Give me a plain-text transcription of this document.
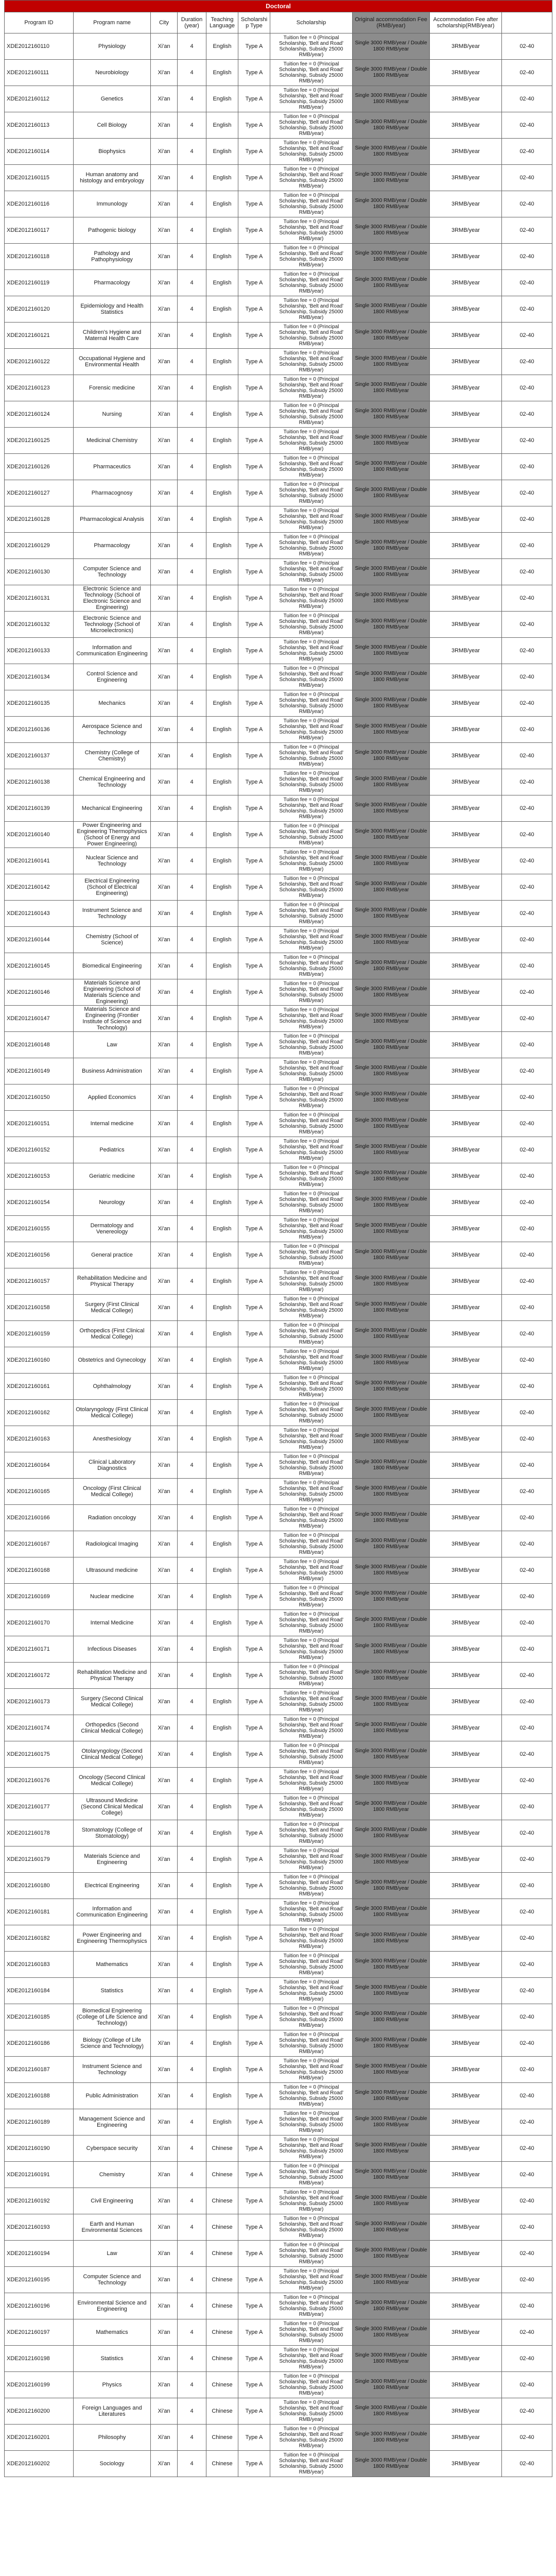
Doctoral									
Program ID	Program name	City	Duration (year)	Teaching Language	Scholarshi p Type	Scholarship	Original accommodation Fee (RMB/year)	Accommodation Fee after scholarship(RMB/year)	
XDE2012160110	Physiology	Xi'an	4	English	Type A	Tuition fee = 0 (Principal Scholarship, 'Belt and Road' Scholarship, Subsidy 25000 RMB/year)	Single 3000 RMB/year / Double 1800 RMB/year	3RMB/year	02-40
XDE2012160111	Neurobiology	Xi'an	4	English	Type A	Tuition fee = 0 (Principal Scholarship, 'Belt and Road' Scholarship, Subsidy 25000 RMB/year)	Single 3000 RMB/year / Double 1800 RMB/year	3RMB/year	02-40
XDE2012160112	Genetics	Xi'an	4	English	Type A	Tuition fee = 0 (Principal Scholarship, 'Belt and Road' Scholarship, Subsidy 25000 RMB/year)	Single 3000 RMB/year / Double 1800 RMB/year	3RMB/year	02-40
XDE2012160113	Cell Biology	Xi'an	4	English	Type A	Tuition fee = 0 (Principal Scholarship, 'Belt and Road' Scholarship, Subsidy 25000 RMB/year)	Single 3000 RMB/year / Double 1800 RMB/year	3RMB/year	02-40
XDE2012160114	Biophysics	Xi'an	4	English	Type A	Tuition fee = 0 (Principal Scholarship, 'Belt and Road' Scholarship, Subsidy 25000 RMB/year)	Single 3000 RMB/year / Double 1800 RMB/year	3RMB/year	02-40
XDE2012160115	Human anatomy and histology and embryology	Xi'an	4	English	Type A	Tuition fee = 0 (Principal Scholarship, 'Belt and Road' Scholarship, Subsidy 25000 RMB/year)	Single 3000 RMB/year / Double 1800 RMB/year	3RMB/year	02-40
XDE2012160116	Immunology	Xi'an	4	English	Type A	Tuition fee = 0 (Principal Scholarship, 'Belt and Road' Scholarship, Subsidy 25000 RMB/year)	Single 3000 RMB/year / Double 1800 RMB/year	3RMB/year	02-40
XDE2012160117	Pathogenic biology	Xi'an	4	English	Type A	Tuition fee = 0 (Principal Scholarship, 'Belt and Road' Scholarship, Subsidy 25000 RMB/year)	Single 3000 RMB/year / Double 1800 RMB/year	3RMB/year	02-40
XDE2012160118	Pathology and Pathophysiology	Xi'an	4	English	Type A	Tuition fee = 0 (Principal Scholarship, 'Belt and Road' Scholarship, Subsidy 25000 RMB/year)	Single 3000 RMB/year / Double 1800 RMB/year	3RMB/year	02-40
XDE2012160119	Pharmacology	Xi'an	4	English	Type A	Tuition fee = 0 (Principal Scholarship, 'Belt and Road' Scholarship, Subsidy 25000 RMB/year)	Single 3000 RMB/year / Double 1800 RMB/year	3RMB/year	02-40
XDE2012160120	Epidemiology and Health Statistics	Xi'an	4	English	Type A	Tuition fee = 0 (Principal Scholarship, 'Belt and Road' Scholarship, Subsidy 25000 RMB/year)	Single 3000 RMB/year / Double 1800 RMB/year	3RMB/year	02-40
XDE2012160121	Children's Hygiene and Maternal Health Care	Xi'an	4	English	Type A	Tuition fee = 0 (Principal Scholarship, 'Belt and Road' Scholarship, Subsidy 25000 RMB/year)	Single 3000 RMB/year / Double 1800 RMB/year	3RMB/year	02-40
XDE2012160122	Occupational Hygiene and Environmental Health	Xi'an	4	English	Type A	Tuition fee = 0 (Principal Scholarship, 'Belt and Road' Scholarship, Subsidy 25000 RMB/year)	Single 3000 RMB/year / Double 1800 RMB/year	3RMB/year	02-40
XDE2012160123	Forensic medicine	Xi'an	4	English	Type A	Tuition fee = 0 (Principal Scholarship, 'Belt and Road' Scholarship, Subsidy 25000 RMB/year)	Single 3000 RMB/year / Double 1800 RMB/year	3RMB/year	02-40
XDE2012160124	Nursing	Xi'an	4	English	Type A	Tuition fee = 0 (Principal Scholarship, 'Belt and Road' Scholarship, Subsidy 25000 RMB/year)	Single 3000 RMB/year / Double 1800 RMB/year	3RMB/year	02-40
XDE2012160125	Medicinal Chemistry	Xi'an	4	English	Type A	Tuition fee = 0 (Principal Scholarship, 'Belt and Road' Scholarship, Subsidy 25000 RMB/year)	Single 3000 RMB/year / Double 1800 RMB/year	3RMB/year	02-40
XDE2012160126	Pharmaceutics	Xi'an	4	English	Type A	Tuition fee = 0 (Principal Scholarship, 'Belt and Road' Scholarship, Subsidy 25000 RMB/year)	Single 3000 RMB/year / Double 1800 RMB/year	3RMB/year	02-40
XDE2012160127	Pharmacognosy	Xi'an	4	English	Type A	Tuition fee = 0 (Principal Scholarship, 'Belt and Road' Scholarship, Subsidy 25000 RMB/year)	Single 3000 RMB/year / Double 1800 RMB/year	3RMB/year	02-40
XDE2012160128	Pharmacological Analysis	Xi'an	4	English	Type A	Tuition fee = 0 (Principal Scholarship, 'Belt and Road' Scholarship, Subsidy 25000 RMB/year)	Single 3000 RMB/year / Double 1800 RMB/year	3RMB/year	02-40
XDE2012160129	Pharmacology	Xi'an	4	English	Type A	Tuition fee = 0 (Principal Scholarship, 'Belt and Road' Scholarship, Subsidy 25000 RMB/year)	Single 3000 RMB/year / Double 1800 RMB/year	3RMB/year	02-40
XDE2012160130	Computer Science and Technology	Xi'an	4	English	Type A	Tuition fee = 0 (Principal Scholarship, 'Belt and Road' Scholarship, Subsidy 25000 RMB/year)	Single 3000 RMB/year / Double 1800 RMB/year	3RMB/year	02-40
XDE2012160131	Electronic Science and Technology (School of Electronic Science and Engineering)	Xi'an	4	English	Type A	Tuition fee = 0 (Principal Scholarship, 'Belt and Road' Scholarship, Subsidy 25000 RMB/year)	Single 3000 RMB/year / Double 1800 RMB/year	3RMB/year	02-40
XDE2012160132	Electronic Science and Technology (School of Microelectronics)	Xi'an	4	English	Type A	Tuition fee = 0 (Principal Scholarship, 'Belt and Road' Scholarship, Subsidy 25000 RMB/year)	Single 3000 RMB/year / Double 1800 RMB/year	3RMB/year	02-40
XDE2012160133	Information and Communication Engineering	Xi'an	4	English	Type A	Tuition fee = 0 (Principal Scholarship, 'Belt and Road' Scholarship, Subsidy 25000 RMB/year)	Single 3000 RMB/year / Double 1800 RMB/year	3RMB/year	02-40
XDE2012160134	Control Science and Engineering	Xi'an	4	English	Type A	Tuition fee = 0 (Principal Scholarship, 'Belt and Road' Scholarship, Subsidy 25000 RMB/year)	Single 3000 RMB/year / Double 1800 RMB/year	3RMB/year	02-40
XDE2012160135	Mechanics	Xi'an	4	English	Type A	Tuition fee = 0 (Principal Scholarship, 'Belt and Road' Scholarship, Subsidy 25000 RMB/year)	Single 3000 RMB/year / Double 1800 RMB/year	3RMB/year	02-40
XDE2012160136	Aerospace Science and Technology	Xi'an	4	English	Type A	Tuition fee = 0 (Principal Scholarship, 'Belt and Road' Scholarship, Subsidy 25000 RMB/year)	Single 3000 RMB/year / Double 1800 RMB/year	3RMB/year	02-40
XDE2012160137	Chemistry (College of Chemistry)	Xi'an	4	English	Type A	Tuition fee = 0 (Principal Scholarship, 'Belt and Road' Scholarship, Subsidy 25000 RMB/year)	Single 3000 RMB/year / Double 1800 RMB/year	3RMB/year	02-40
XDE2012160138	Chemical Engineering and Technology	Xi'an	4	English	Type A	Tuition fee = 0 (Principal Scholarship, 'Belt and Road' Scholarship, Subsidy 25000 RMB/year)	Single 3000 RMB/year / Double 1800 RMB/year	3RMB/year	02-40
XDE2012160139	Mechanical Engineering	Xi'an	4	English	Type A	Tuition fee = 0 (Principal Scholarship, 'Belt and Road' Scholarship, Subsidy 25000 RMB/year)	Single 3000 RMB/year / Double 1800 RMB/year	3RMB/year	02-40
XDE2012160140	Power Engineering and Engineering Thermophysics (School of Energy and Power Engineering)	Xi'an	4	English	Type A	Tuition fee = 0 (Principal Scholarship, 'Belt and Road' Scholarship, Subsidy 25000 RMB/year)	Single 3000 RMB/year / Double 1800 RMB/year	3RMB/year	02-40
XDE2012160141	Nuclear Science and Technology	Xi'an	4	English	Type A	Tuition fee = 0 (Principal Scholarship, 'Belt and Road' Scholarship, Subsidy 25000 RMB/year)	Single 3000 RMB/year / Double 1800 RMB/year	3RMB/year	02-40
XDE2012160142	Electrical Engineering (School of Electrical Engineering)	Xi'an	4	English	Type A	Tuition fee = 0 (Principal Scholarship, 'Belt and Road' Scholarship, Subsidy 25000 RMB/year)	Single 3000 RMB/year / Double 1800 RMB/year	3RMB/year	02-40
XDE2012160143	Instrument Science and Technology	Xi'an	4	English	Type A	Tuition fee = 0 (Principal Scholarship, 'Belt and Road' Scholarship, Subsidy 25000 RMB/year)	Single 3000 RMB/year / Double 1800 RMB/year	3RMB/year	02-40
XDE2012160144	Chemistry (School of Science)	Xi'an	4	English	Type A	Tuition fee = 0 (Principal Scholarship, 'Belt and Road' Scholarship, Subsidy 25000 RMB/year)	Single 3000 RMB/year / Double 1800 RMB/year	3RMB/year	02-40
XDE2012160145	Biomedical Engineering	Xi'an	4	English	Type A	Tuition fee = 0 (Principal Scholarship, 'Belt and Road' Scholarship, Subsidy 25000 RMB/year)	Single 3000 RMB/year / Double 1800 RMB/year	3RMB/year	02-40
XDE2012160146	Materials Science and Engineering (School of Materials Science and Engineering)	Xi'an	4	English	Type A	Tuition fee = 0 (Principal Scholarship, 'Belt and Road' Scholarship, Subsidy 25000 RMB/year)	Single 3000 RMB/year / Double 1800 RMB/year	3RMB/year	02-40
XDE2012160147	Materials Science and Engineering (Frontier Institute of Science and Technology)	Xi'an	4	English	Type A	Tuition fee = 0 (Principal Scholarship, 'Belt and Road' Scholarship, Subsidy 25000 RMB/year)	Single 3000 RMB/year / Double 1800 RMB/year	3RMB/year	02-40
XDE2012160148	Law	Xi'an	4	English	Type A	Tuition fee = 0 (Principal Scholarship, 'Belt and Road' Scholarship, Subsidy 25000 RMB/year)	Single 3000 RMB/year / Double 1800 RMB/year	3RMB/year	02-40
XDE2012160149	Business Administration	Xi'an	4	English	Type A	Tuition fee = 0 (Principal Scholarship, 'Belt and Road' Scholarship, Subsidy 25000 RMB/year)	Single 3000 RMB/year / Double 1800 RMB/year	3RMB/year	02-40
XDE2012160150	Applied Economics	Xi'an	4	English	Type A	Tuition fee = 0 (Principal Scholarship, 'Belt and Road' Scholarship, Subsidy 25000 RMB/year)	Single 3000 RMB/year / Double 1800 RMB/year	3RMB/year	02-40
XDE2012160151	Internal medicine	Xi'an	4	English	Type A	Tuition fee = 0 (Principal Scholarship, 'Belt and Road' Scholarship, Subsidy 25000 RMB/year)	Single 3000 RMB/year / Double 1800 RMB/year	3RMB/year	02-40
XDE2012160152	Pediatrics	Xi'an	4	English	Type A	Tuition fee = 0 (Principal Scholarship, 'Belt and Road' Scholarship, Subsidy 25000 RMB/year)	Single 3000 RMB/year / Double 1800 RMB/year	3RMB/year	02-40
XDE2012160153	Geriatric medicine	Xi'an	4	English	Type A	Tuition fee = 0 (Principal Scholarship, 'Belt and Road' Scholarship, Subsidy 25000 RMB/year)	Single 3000 RMB/year / Double 1800 RMB/year	3RMB/year	02-40
XDE2012160154	Neurology	Xi'an	4	English	Type A	Tuition fee = 0 (Principal Scholarship, 'Belt and Road' Scholarship, Subsidy 25000 RMB/year)	Single 3000 RMB/year / Double 1800 RMB/year	3RMB/year	02-40
XDE2012160155	Dermatology and Venereology	Xi'an	4	English	Type A	Tuition fee = 0 (Principal Scholarship, 'Belt and Road' Scholarship, Subsidy 25000 RMB/year)	Single 3000 RMB/year / Double 1800 RMB/year	3RMB/year	02-40
XDE2012160156	General practice	Xi'an	4	English	Type A	Tuition fee = 0 (Principal Scholarship, 'Belt and Road' Scholarship, Subsidy 25000 RMB/year)	Single 3000 RMB/year / Double 1800 RMB/year	3RMB/year	02-40
XDE2012160157	Rehabilitation Medicine and Physical Therapy	Xi'an	4	English	Type A	Tuition fee = 0 (Principal Scholarship, 'Belt and Road' Scholarship, Subsidy 25000 RMB/year)	Single 3000 RMB/year / Double 1800 RMB/year	3RMB/year	02-40
XDE2012160158	Surgery (First Clinical Medical College)	Xi'an	4	English	Type A	Tuition fee = 0 (Principal Scholarship, 'Belt and Road' Scholarship, Subsidy 25000 RMB/year)	Single 3000 RMB/year / Double 1800 RMB/year	3RMB/year	02-40
XDE2012160159	Orthopedics (First Clinical Medical College)	Xi'an	4	English	Type A	Tuition fee = 0 (Principal Scholarship, 'Belt and Road' Scholarship, Subsidy 25000 RMB/year)	Single 3000 RMB/year / Double 1800 RMB/year	3RMB/year	02-40
XDE2012160160	Obstetrics and Gynecology	Xi'an	4	English	Type A	Tuition fee = 0 (Principal Scholarship, 'Belt and Road' Scholarship, Subsidy 25000 RMB/year)	Single 3000 RMB/year / Double 1800 RMB/year	3RMB/year	02-40
XDE2012160161	Ophthalmology	Xi'an	4	English	Type A	Tuition fee = 0 (Principal Scholarship, 'Belt and Road' Scholarship, Subsidy 25000 RMB/year)	Single 3000 RMB/year / Double 1800 RMB/year	3RMB/year	02-40
XDE2012160162	Otolaryngology (First Clinical Medical College)	Xi'an	4	English	Type A	Tuition fee = 0 (Principal Scholarship, 'Belt and Road' Scholarship, Subsidy 25000 RMB/year)	Single 3000 RMB/year / Double 1800 RMB/year	3RMB/year	02-40
XDE2012160163	Anesthesiology	Xi'an	4	English	Type A	Tuition fee = 0 (Principal Scholarship, 'Belt and Road' Scholarship, Subsidy 25000 RMB/year)	Single 3000 RMB/year / Double 1800 RMB/year	3RMB/year	02-40
XDE2012160164	Clinical Laboratory Diagnostics	Xi'an	4	English	Type A	Tuition fee = 0 (Principal Scholarship, 'Belt and Road' Scholarship, Subsidy 25000 RMB/year)	Single 3000 RMB/year / Double 1800 RMB/year	3RMB/year	02-40
XDE2012160165	Oncology (First Clinical Medical College)	Xi'an	4	English	Type A	Tuition fee = 0 (Principal Scholarship, 'Belt and Road' Scholarship, Subsidy 25000 RMB/year)	Single 3000 RMB/year / Double 1800 RMB/year	3RMB/year	02-40
XDE2012160166	Radiation oncology	Xi'an	4	English	Type A	Tuition fee = 0 (Principal Scholarship, 'Belt and Road' Scholarship, Subsidy 25000 RMB/year)	Single 3000 RMB/year / Double 1800 RMB/year	3RMB/year	02-40
XDE2012160167	Radiological Imaging	Xi'an	4	English	Type A	Tuition fee = 0 (Principal Scholarship, 'Belt and Road' Scholarship, Subsidy 25000 RMB/year)	Single 3000 RMB/year / Double 1800 RMB/year	3RMB/year	02-40
XDE2012160168	Ultrasound medicine	Xi'an	4	English	Type A	Tuition fee = 0 (Principal Scholarship, 'Belt and Road' Scholarship, Subsidy 25000 RMB/year)	Single 3000 RMB/year / Double 1800 RMB/year	3RMB/year	02-40
XDE2012160169	Nuclear medicine	Xi'an	4	English	Type A	Tuition fee = 0 (Principal Scholarship, 'Belt and Road' Scholarship, Subsidy 25000 RMB/year)	Single 3000 RMB/year / Double 1800 RMB/year	3RMB/year	02-40
XDE2012160170	Internal Medicine	Xi'an	4	English	Type A	Tuition fee = 0 (Principal Scholarship, 'Belt and Road' Scholarship, Subsidy 25000 RMB/year)	Single 3000 RMB/year / Double 1800 RMB/year	3RMB/year	02-40
XDE2012160171	Infectious Diseases	Xi'an	4	English	Type A	Tuition fee = 0 (Principal Scholarship, 'Belt and Road' Scholarship, Subsidy 25000 RMB/year)	Single 3000 RMB/year / Double 1800 RMB/year	3RMB/year	02-40
XDE2012160172	Rehabilitation Medicine and Physical Therapy	Xi'an	4	English	Type A	Tuition fee = 0 (Principal Scholarship, 'Belt and Road' Scholarship, Subsidy 25000 RMB/year)	Single 3000 RMB/year / Double 1800 RMB/year	3RMB/year	02-40
XDE2012160173	Surgery (Second Clinical Medical College)	Xi'an	4	English	Type A	Tuition fee = 0 (Principal Scholarship, 'Belt and Road' Scholarship, Subsidy 25000 RMB/year)	Single 3000 RMB/year / Double 1800 RMB/year	3RMB/year	02-40
XDE2012160174	Orthopedics (Second Clinical Medical College)	Xi'an	4	English	Type A	Tuition fee = 0 (Principal Scholarship, 'Belt and Road' Scholarship, Subsidy 25000 RMB/year)	Single 3000 RMB/year / Double 1800 RMB/year	3RMB/year	02-40
XDE2012160175	Otolaryngology (Second Clinical Medical College)	Xi'an	4	English	Type A	Tuition fee = 0 (Principal Scholarship, 'Belt and Road' Scholarship, Subsidy 25000 RMB/year)	Single 3000 RMB/year / Double 1800 RMB/year	3RMB/year	02-40
XDE2012160176	Oncology (Second Clinical Medical College)	Xi'an	4	English	Type A	Tuition fee = 0 (Principal Scholarship, 'Belt and Road' Scholarship, Subsidy 25000 RMB/year)	Single 3000 RMB/year / Double 1800 RMB/year	3RMB/year	02-40
XDE2012160177	Ultrasound Medicine (Second Clinical Medical College)	Xi'an	4	English	Type A	Tuition fee = 0 (Principal Scholarship, 'Belt and Road' Scholarship, Subsidy 25000 RMB/year)	Single 3000 RMB/year / Double 1800 RMB/year	3RMB/year	02-40
XDE2012160178	Stomatology (College of Stomatology)	Xi'an	4	English	Type A	Tuition fee = 0 (Principal Scholarship, 'Belt and Road' Scholarship, Subsidy 25000 RMB/year)	Single 3000 RMB/year / Double 1800 RMB/year	3RMB/year	02-40
XDE2012160179	Materials Science and Engineering	Xi'an	4	English	Type A	Tuition fee = 0 (Principal Scholarship, 'Belt and Road' Scholarship, Subsidy 25000 RMB/year)	Single 3000 RMB/year / Double 1800 RMB/year	3RMB/year	02-40
XDE2012160180	Electrical Engineering	Xi'an	4	English	Type A	Tuition fee = 0 (Principal Scholarship, 'Belt and Road' Scholarship, Subsidy 25000 RMB/year)	Single 3000 RMB/year / Double 1800 RMB/year	3RMB/year	02-40
XDE2012160181	Information and Communication Engineering	Xi'an	4	English	Type A	Tuition fee = 0 (Principal Scholarship, 'Belt and Road' Scholarship, Subsidy 25000 RMB/year)	Single 3000 RMB/year / Double 1800 RMB/year	3RMB/year	02-40
XDE2012160182	Power Engineering and Engineering Thermophysics	Xi'an	4	English	Type A	Tuition fee = 0 (Principal Scholarship, 'Belt and Road' Scholarship, Subsidy 25000 RMB/year)	Single 3000 RMB/year / Double 1800 RMB/year	3RMB/year	02-40
XDE2012160183	Mathematics	Xi'an	4	English	Type A	Tuition fee = 0 (Principal Scholarship, 'Belt and Road' Scholarship, Subsidy 25000 RMB/year)	Single 3000 RMB/year / Double 1800 RMB/year	3RMB/year	02-40
XDE2012160184	Statistics	Xi'an	4	English	Type A	Tuition fee = 0 (Principal Scholarship, 'Belt and Road' Scholarship, Subsidy 25000 RMB/year)	Single 3000 RMB/year / Double 1800 RMB/year	3RMB/year	02-40
XDE2012160185	Biomedical Engineering (College of Life Science and Technology)	Xi'an	4	English	Type A	Tuition fee = 0 (Principal Scholarship, 'Belt and Road' Scholarship, Subsidy 25000 RMB/year)	Single 3000 RMB/year / Double 1800 RMB/year	3RMB/year	02-40
XDE2012160186	Biology (College of Life Science and Technology)	Xi'an	4	English	Type A	Tuition fee = 0 (Principal Scholarship, 'Belt and Road' Scholarship, Subsidy 25000 RMB/year)	Single 3000 RMB/year / Double 1800 RMB/year	3RMB/year	02-40
XDE2012160187	Instrument Science and Technology	Xi'an	4	English	Type A	Tuition fee = 0 (Principal Scholarship, 'Belt and Road' Scholarship, Subsidy 25000 RMB/year)	Single 3000 RMB/year / Double 1800 RMB/year	3RMB/year	02-40
XDE2012160188	Public Administration	Xi'an	4	English	Type A	Tuition fee = 0 (Principal Scholarship, 'Belt and Road' Scholarship, Subsidy 25000 RMB/year)	Single 3000 RMB/year / Double 1800 RMB/year	3RMB/year	02-40
XDE2012160189	Management Science and Engineering	Xi'an	4	English	Type A	Tuition fee = 0 (Principal Scholarship, 'Belt and Road' Scholarship, Subsidy 25000 RMB/year)	Single 3000 RMB/year / Double 1800 RMB/year	3RMB/year	02-40
XDE2012160190	Cyberspace security	Xi'an	4	Chinese	Type A	Tuition fee = 0 (Principal Scholarship, 'Belt and Road' Scholarship, Subsidy 25000 RMB/year)	Single 3000 RMB/year / Double 1800 RMB/year	3RMB/year	02-40
XDE2012160191	Chemistry	Xi'an	4	Chinese	Type A	Tuition fee = 0 (Principal Scholarship, 'Belt and Road' Scholarship, Subsidy 25000 RMB/year)	Single 3000 RMB/year / Double 1800 RMB/year	3RMB/year	02-40
XDE2012160192	Civil Engineering	Xi'an	4	Chinese	Type A	Tuition fee = 0 (Principal Scholarship, 'Belt and Road' Scholarship, Subsidy 25000 RMB/year)	Single 3000 RMB/year / Double 1800 RMB/year	3RMB/year	02-40
XDE2012160193	Earth and Human Environmental Sciences	Xi'an	4	Chinese	Type A	Tuition fee = 0 (Principal Scholarship, 'Belt and Road' Scholarship, Subsidy 25000 RMB/year)	Single 3000 RMB/year / Double 1800 RMB/year	3RMB/year	02-40
XDE2012160194	Law	Xi'an	4	Chinese	Type A	Tuition fee = 0 (Principal Scholarship, 'Belt and Road' Scholarship, Subsidy 25000 RMB/year)	Single 3000 RMB/year / Double 1800 RMB/year	3RMB/year	02-40
XDE2012160195	Computer Science and Technology	Xi'an	4	Chinese	Type A	Tuition fee = 0 (Principal Scholarship, 'Belt and Road' Scholarship, Subsidy 25000 RMB/year)	Single 3000 RMB/year / Double 1800 RMB/year	3RMB/year	02-40
XDE2012160196	Environmental Science and Engineering	Xi'an	4	Chinese	Type A	Tuition fee = 0 (Principal Scholarship, 'Belt and Road' Scholarship, Subsidy 25000 RMB/year)	Single 3000 RMB/year / Double 1800 RMB/year	3RMB/year	02-40
XDE2012160197	Mathematics	Xi'an	4	Chinese	Type A	Tuition fee = 0 (Principal Scholarship, 'Belt and Road' Scholarship, Subsidy 25000 RMB/year)	Single 3000 RMB/year / Double 1800 RMB/year	3RMB/year	02-40
XDE2012160198	Statistics	Xi'an	4	Chinese	Type A	Tuition fee = 0 (Principal Scholarship, 'Belt and Road' Scholarship, Subsidy 25000 RMB/year)	Single 3000 RMB/year / Double 1800 RMB/year	3RMB/year	02-40
XDE2012160199	Physics	Xi'an	4	Chinese	Type A	Tuition fee = 0 (Principal Scholarship, 'Belt and Road' Scholarship, Subsidy 25000 RMB/year)	Single 3000 RMB/year / Double 1800 RMB/year	3RMB/year	02-40
XDE2012160200	Foreign Languages and Literatures	Xi'an	4	Chinese	Type A	Tuition fee = 0 (Principal Scholarship, 'Belt and Road' Scholarship, Subsidy 25000 RMB/year)	Single 3000 RMB/year / Double 1800 RMB/year	3RMB/year	02-40
XDE2012160201	Philosophy	Xi'an	4	Chinese	Type A	Tuition fee = 0 (Principal Scholarship, 'Belt and Road' Scholarship, Subsidy 25000 RMB/year)	Single 3000 RMB/year / Double 1800 RMB/year	3RMB/year	02-40
XDE2012160202	Sociology	Xi'an	4	Chinese	Type A	Tuition fee = 0 (Principal Scholarship, 'Belt and Road' Scholarship, Subsidy 25000 RMB/year)	Single 3000 RMB/year / Double 1800 RMB/year	3RMB/year	02-40
